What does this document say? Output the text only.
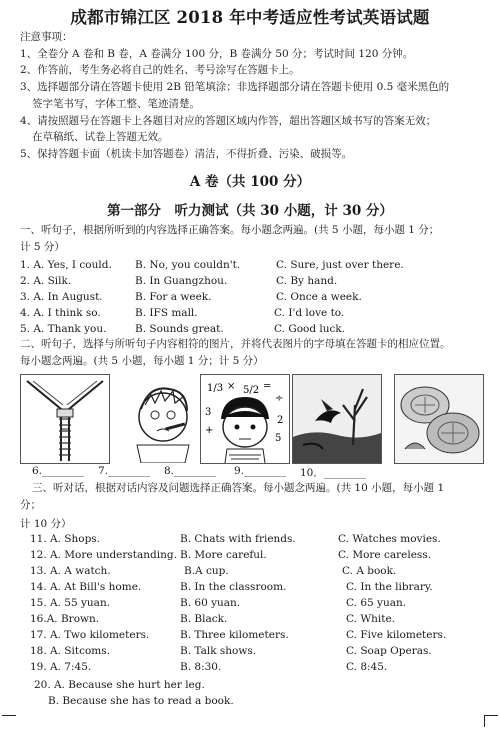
成都市锦江区 2018 年中考适应性考试英语试题
注意事项：
1、全卷分 A 卷和 B 卷，A 卷满分 100 分，B 卷满分 50 分；考试时间 120 分钟。
2、作答前，考生务必将自己的姓名、考号涂写在答题卡上。
3、选择题部分请在答题卡使用 2B 铅笔填涂；非选择题部分请在答题卡使用 0.5 毫米黑色的
签字笔书写，字体工整、笔迹清楚。
4、请按照题号在答题卡上各题目对应的答题区域内作答，超出答题区域书写的答案无效；
在草稿纸、试卷上答题无效。
5、保持答题卡面（机读卡加答题卷）清洁，不得折叠、污染、破损等。
A 卷（共 100 分）
第一部分　听力测试（共 30 小题，计 30 分）
一、听句子，根据所听到的内容选择正确答案。每小题念两遍。(共 5 小题，每小题 1 分；
计 5 分）
1. A. Yes, I could. B. No, you couldn't.	C. Sure, just over there.
2. A. Silk.	B. In Guangzhou.	C. By hand.
3. A. In August.	B. For a week.	C. Once a week.
4. A. I think so.	B. IFS mall.	C. I'd love to.
5. A. Thank you.	B. Sounds great.	C. Good luck.
二、听句子，选择与所听句子内容相符的图片，并将代表图片的字母填在答题卡的相应位置。
每小题念两遍。(共 5 小题，每小题 1 分；计 5 分）
1/3 × 5/2 =
÷
3
+
2
5
6.________ 7.________ 8.________ 9.________ 10．________
三、听对话，根据对话内容及问题选择正确答案。每小题念两遍。(共 10 小题，每小题 1
分；
计 10 分）
11. A. Shops.	B. Chats with friends.	C. Watches movies.
12. A. More understanding. B. More careful.	C. More careless.
13. A. A watch.	B.A cup.	C. A book.
14. A. At Bill's home.	B. In the classroom.	C. In the library.
15. A. 55 yuan.	B. 60 yuan.	C. 65 yuan.
16.A. Brown.	B. Black.	C. White.
17. A. Two kilometers.	B. Three kilometers.	C. Five kilometers.
18. A. Sitcoms.	B. Talk shows.	C. Soap Operas.
19. A. 7:45.	B. 8:30.	C. 8:45.
20. A. Because she hurt her leg.
B. Because she has to read a book.
